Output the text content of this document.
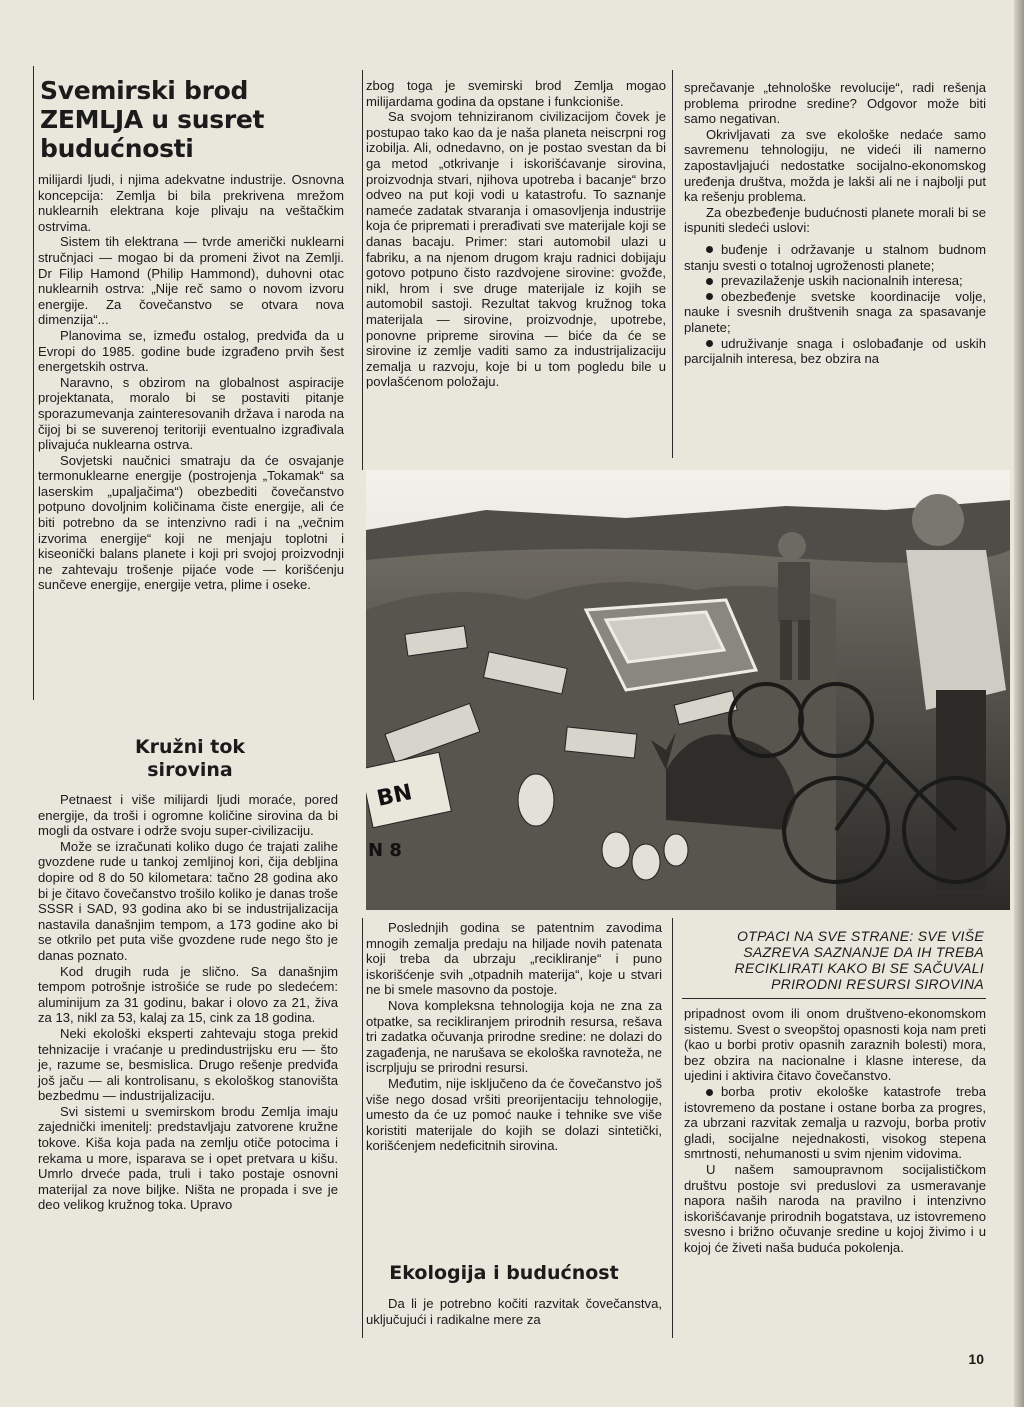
Svemirski brod ZEMLJA u susret budućnosti

milijardi ljudi, i njima adekvatne industrije. Osnovna koncepcija: Zemlja bi bila prekrivena mrežom nuklearnih elektrana koje plivaju na veštačkim ostrvima.

Sistem tih elektrana — tvrde američki nuklearni stručnjaci — mogao bi da promeni život na Zemlji. Dr Filip Hamond (Philip Hammond), duhovni otac nuklearnih ostrva: „Nije reč samo o novom izvoru energije. Za čovečanstvo se otvara nova dimenzija“...

Planovima se, između ostalog, predviđa da u Evropi do 1985. godine bude izgrađeno prvih šest energetskih ostrva.

Naravno, s obzirom na globalnost aspiracije projektanata, moralo bi se postaviti pitanje sporazumevanja zainteresovanih država i naroda na čijoj bi se suverenoj teritoriji eventualno izgrađivala plivajuća nuklearna ostrva.

Sovjetski naučnici smatraju da će osvajanje termonuklearne energije (postrojenja „Tokamak“ sa laserskim „upaljačima“) obezbediti čovečanstvo potpuno dovoljnim količinama čiste energije, ali će biti potrebno da se intenzivno radi i na „večnim izvorima energije“ koji ne menjaju toplotni i kiseonički balans planete i koji pri svojoj proizvodnji ne zahtevaju trošenje pijaće vode — korišćenju sunčeve energije, energije vetra, plime i oseke.

Kružni tok sirovina

Petnaest i više milijardi ljudi moraće, pored energije, da troši i ogromne količine sirovina da bi mogli da ostvare i održe svoju super-civilizaciju.

Može se izračunati koliko dugo će trajati zalihe gvozdene rude u tankoj zemljinoj kori, čija debljina dopire od 8 do 50 kilometara: tačno 28 godina ako bi je čitavo čovečanstvo trošilo koliko je danas troše SSSR i SAD, 93 godina ako bi se industrijalizacija nastavila današnjim tempom, a 173 godine ako bi se otkrilo pet puta više gvozdene rude nego što je danas poznato.

Kod drugih ruda je slično. Sa današnjim tempom potrošnje istrošiće se rude po sledećem: aluminijum za 31 godinu, bakar i olovo za 21, živa za 13, nikl za 53, kalaj za 15, cink za 18 godina.

Neki ekološki eksperti zahtevaju stoga prekid tehnizacije i vraćanje u predindustrijsku eru — što je, razume se, besmislica. Drugo rešenje predviđa još jaču — ali kontrolisanu, s ekološkog stanovišta bezbedmu — industrijalizaciju.

Svi sistemi u svemirskom brodu Zemlja imaju zajednički imenitelj: predstavljaju zatvorene kružne tokove. Kiša koja pada na zemlju otiče potocima i rekama u more, isparava se i opet pretvara u kišu. Umrlo drveće pada, truli i tako postaje osnovni materijal za nove biljke. Ništa ne propada i sve je deo velikog kružnog toka. Upravo

zbog toga je svemirski brod Zemlja mogao milijardama godina da opstane i funkcioniše.

Sa svojom tehniziranom civilizacijom čovek je postupao tako kao da je naša planeta neiscrpni rog izobilja. Ali, odnedavno, on je postao svestan da bi ga metod „otkrivanje i iskorišćavanje sirovina, proizvodnja stvari, njihova upotreba i bacanje“ brzo odveo na put koji vodi u katastrofu. To saznanje nameće zadatak stvaranja i omasovljenja industrije koja će pripremati i prerađivati sve materijale koji se danas bacaju. Primer: stari automobil ulazi u fabriku, a na njenom drugom kraju radnici dobijaju gotovo potpuno čisto razdvojene sirovine: gvožđe, nikl, hrom i sve druge materijale iz kojih se automobil sastoji. Rezultat takvog kružnog toka materijala — sirovine, proizvodnje, upotrebe, ponovne pripreme sirovina — biće da će se sirovine iz zemlje vaditi samo za industrijalizaciju zemalja u razvoju, koje bi u tom pogledu bile u povlašćenom položaju.

sprečavanje „tehnološke revolucije“, radi rešenja problema prirodne sredine? Odgovor može biti samo negativan.

Okrivljavati za sve ekološke nedaće samo savremenu tehnologiju, ne videći ili namerno zapostavljajući nedostatke socijalno-ekonomskog uređenja društva, možda je lakši ali ne i najbolji put ka rešenju problema.

Za obezbeđenje budućnosti planete morali bi se ispuniti sledeći uslovi:

buđenje i održavanje u stalnom budnom stanju svesti o totalnoj ugroženosti planete;

prevazilaženje uskih nacionalnih interesa;

obezbeđenje svetske koordinacije volje, nauke i svesnih društvenih snaga za spasavanje planete;

udruživanje snaga i oslobađanje od uskih parcijalnih interesa, bez obzira na

BN
N 8
OTPACI NA SVE STRANE: SVE VIŠE SAZREVA SAZNANJE DA IH TREBA RECIKLIRATI KAKO BI SE SAČUVALI PRIRODNI RESURSI SIROVINA

Poslednjih godina se patentnim zavodima mnogih zemalja predaju na hiljade novih patenata koji treba da ubrzaju „recikliranje“ i puno iskorišćenje svih „otpadnih materija“, koje u stvari ne bi smele masovno da postoje.

Nova kompleksna tehnologija koja ne zna za otpatke, sa recikliranjem prirodnih resursa, rešava tri zadatka očuvanja prirodne sredine: ne dolazi do zagađenja, ne narušava se ekološka ravnoteža, ne iscrpljuju se prirodni resursi.

Međutim, nije isključeno da će čovečanstvo još više nego dosad vršiti preorijentaciju tehnologije, umesto da će uz pomoć nauke i tehnike sve više koristiti materijale do kojih se dolazi sintetički, korišćenjem nedeficitnih sirovina.

Ekologija i budućnost

Da li je potrebno kočiti razvitak čovečanstva, uključujući i radikalne mere za

pripadnost ovom ili onom društveno-ekonomskom sistemu. Svest o sveopštoj opasnosti koja nam preti (kao u borbi protiv opasnih zaraznih bolesti) mora, bez obzira na nacionalne i klasne interese, da ujedini i aktivira čitavo čovečanstvo.

borba protiv ekološke katastrofe treba istovremeno da postane i ostane borba za progres, za ubrzani razvitak zemalja u razvoju, borba protiv gladi, socijalne nejednakosti, visokog stepena smrtnosti, nehumanosti u svim njenim vidovima.

U našem samoupravnom socijalističkom društvu postoje svi preduslovi za usmeravanje napora naših naroda na pravilno i intenzivno iskorišćavanje prirodnih bogatstava, uz istovremeno svesno i brižno očuvanje sredine u kojoj živimo i u kojoj će živeti naša buduća pokolenja.

10
